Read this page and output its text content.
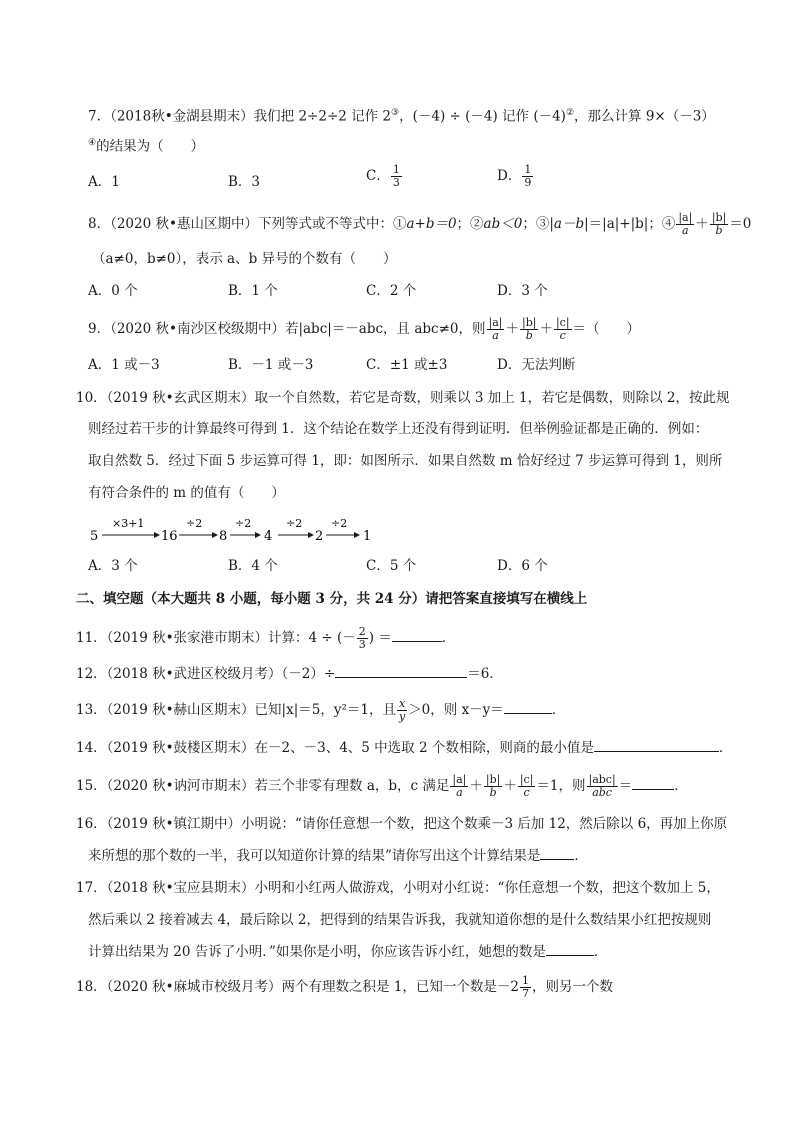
7．（2018秋•金湖县期末）我们把 2÷2÷2 记作 2③，(－4) ÷ (－4) 记作 (－4)②，那么计算 9×（－3）
④的结果为（　　）
A．1	B．3	C． $\frac{1}{3}$	D． $\frac{1}{9}$
8．（2020 秋•惠山区期中）下列等式或不等式中：①a+b＝0；②ab＜0；③|a－b|＝|a|+|b|；④ $\frac{|a|}{a} + \frac{|b|}{b} =0$
（a≠0，b≠0），表示 a、b 异号的个数有（　　）
A．0 个	B．1 个	C．2 个	D．3 个
9．（2020 秋•南沙区校级期中）若|abc|＝－abc，且 abc≠0，则 $\frac{|a|}{a} + \frac{|b|}{b} + \frac{|c|}{c}$ ＝（　　）
A．1 或－3	B．－1 或－3	C．±1 或±3	D．无法判断
10．（2019 秋•玄武区期末）取一个自然数，若它是奇数，则乘以 3 加上 1，若它是偶数，则除以 2，按此规
则经过若干步的计算最终可得到 1．这个结论在数学上还没有得到证明．但举例验证都是正确的．例如：
取自然数 5．经过下面 5 步运算可得 1，即：如图所示．如果自然数 m 恰好经过 7 步运算可得到 1，则所
有符合条件的 m 的值有（　　）
5
×3+1
16
÷2
8
÷2
4
÷2
2
÷2
1
A．3 个	B．4 个	C．5 个	D．6 个
二、填空题（本大题共 8 小题，每小题 3 分，共 24 分）请把答案直接填写在横线上
11．（2019 秋•张家港市期末）计算：4 ÷ (－ $\frac{2}{3}$ ) ＝	．
12．（2018 秋•武进区校级月考）（－2）÷	＝6．
13．（2019 秋•赫山区期末）已知|x|＝5，y²＝1，且 $\frac{x}{y} >0$，则 x－y＝	．
14．（2019 秋•鼓楼区期末）在－2、－3、4、5 中选取 2 个数相除，则商的最小值是	．
15．（2020 秋•讷河市期末）若三个非零有理数 a，b，c 满足 $\frac{|a|}{a} + \frac{|b|}{b} + \frac{|c|}{c} =1$，则 $\frac{\text{|abc|}}{\text{abc}}$ ＝	．
16．（2019 秋•镇江期中）小明说：“请你任意想一个数，把这个数乘－3 后加 12，然后除以 6，再加上你原
来所想的那个数的一半，我可以知道你计算的结果”请你写出这个计算结果是	．
17．（2018 秋•宝应县期末）小明和小红两人做游戏，小明对小红说：“你任意想一个数，把这个数加上 5，
然后乘以 2 接着减去 4，最后除以 2，把得到的结果告诉我，我就知道你想的是什么数结果小红把按规则
计算出结果为 20 告诉了小明．”如果你是小明，你应该告诉小红，她想的数是	．
18．（2020 秋•麻城市校级月考）两个有理数之积是 1，已知一个数是$-2 \frac{1}{7}$ ，则另一个数
